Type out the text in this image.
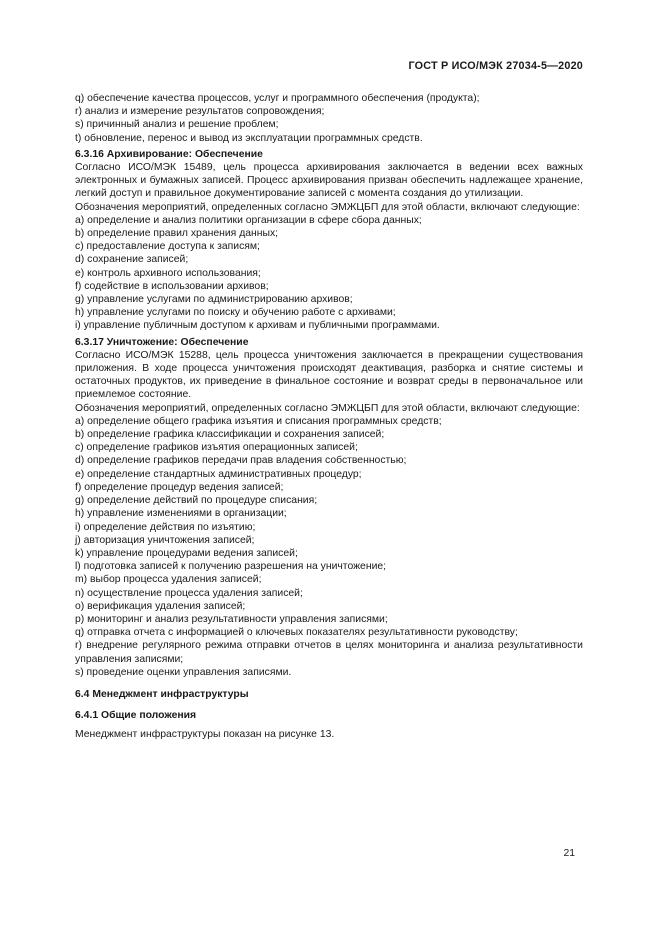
ГОСТ Р ИСО/МЭК 27034-5—2020

q) обеспечение качества процессов, услуг и программного обеспечения (продукта);

r) анализ и измерение результатов сопровождения;

s) причинный анализ и решение проблем;

t) обновление, перенос и вывод из эксплуатации программных средств.

6.3.16 Архивирование: Обеспечение

Согласно ИСО/МЭК 15489, цель процесса архивирования заключается в ведении всех важных электронных и бумажных записей. Процесс архивирования призван обеспечить надлежащее хранение, легкий доступ и правильное документирование записей с момента создания до утилизации.

Обозначения мероприятий, определенных согласно ЭМЖЦБП для этой области, включают следующие:

a) определение и анализ политики организации в сфере сбора данных;

b) определение правил хранения данных;

c) предоставление доступа к записям;

d) сохранение записей;

e) контроль архивного использования;

f) содействие в использовании архивов;

g) управление услугами по администрированию архивов;

h) управление услугами по поиску и обучению работе с архивами;

i) управление публичным доступом к архивам и публичными программами.

6.3.17 Уничтожение: Обеспечение

Согласно ИСО/МЭК 15288, цель процесса уничтожения заключается в прекращении существования приложения. В ходе процесса уничтожения происходят деактивация, разборка и снятие системы и остаточных продуктов, их приведение в финальное состояние и возврат среды в первоначальное или приемлемое состояние.

Обозначения мероприятий, определенных согласно ЭМЖЦБП для этой области, включают следующие:

a) определение общего графика изъятия и списания программных средств;

b) определение графика классификации и сохранения записей;

c) определение графиков изъятия операционных записей;

d) определение графиков передачи прав владения собственностью;

e) определение стандартных административных процедур;

f) определение процедур ведения записей;

g) определение действий по процедуре списания;

h) управление изменениями в организации;

i) определение действия по изъятию;

j) авторизация уничтожения записей;

k) управление процедурами ведения записей;

l) подготовка записей к получению разрешения на уничтожение;

m) выбор процесса удаления записей;

n) осуществление процесса удаления записей;

o) верификация удаления записей;

p) мониторинг и анализ результативности управления записями;

q) отправка отчета с информацией о ключевых показателях результативности руководству;

r) внедрение регулярного режима отправки отчетов в целях мониторинга и анализа результативности управления записями;

s) проведение оценки управления записями.

6.4 Менеджмент инфраструктуры

6.4.1 Общие положения

Менеджмент инфраструктуры показан на рисунке 13.

21
